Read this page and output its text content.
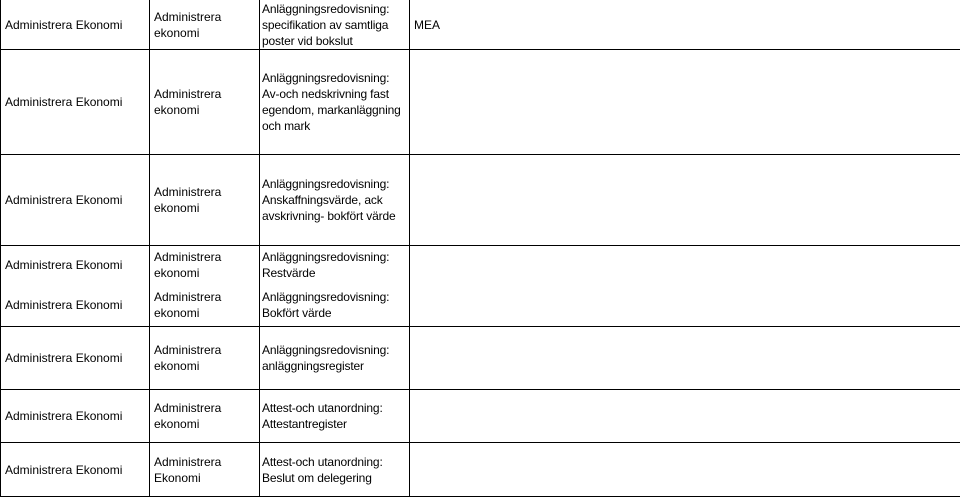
Administrera Ekonomi	Administrera ekonomi	Anläggningsredovisning: specifikation av samtliga poster vid bokslut	MEA	
Administrera Ekonomi	Administrera ekonomi	Anläggningsredovisning: Av-och nedskrivning fast egendom, markanläggning och mark		
Administrera Ekonomi	Administrera ekonomi	Anläggningsredovisning: Anskaffningsvärde, ack avskrivning- bokfört värde		
Administrera Ekonomi	Administrera ekonomi	Anläggningsredovisning: Restvärde		
Administrera Ekonomi	Administrera ekonomi	Anläggningsredovisning: Bokfört värde		
Administrera Ekonomi	Administrera ekonomi	Anläggningsredovisning: anläggningsregister		
Administrera Ekonomi	Administrera ekonomi	Attest-och utanordning: Attestantregister		
Administrera Ekonomi	Administrera Ekonomi	Attest-och utanordning: Beslut om delegering		
